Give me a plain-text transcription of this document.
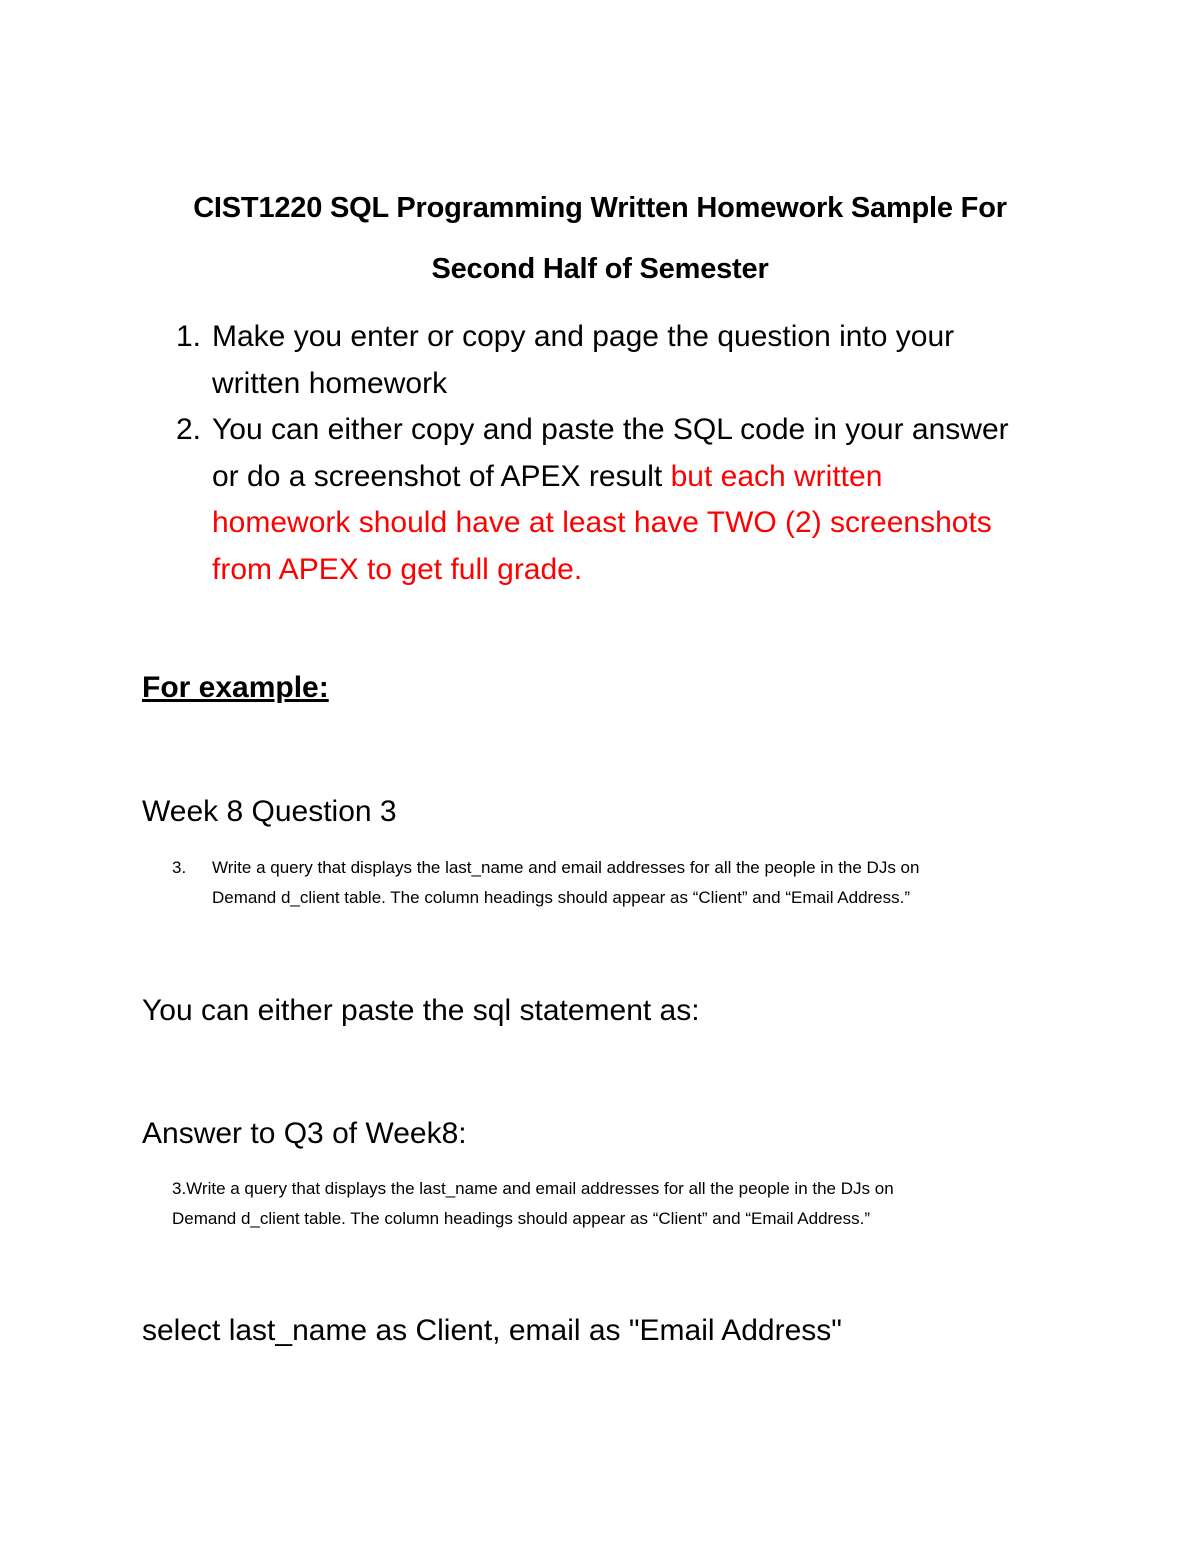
CIST1220 SQL Programming Written Homework Sample For
Second Half of Semester
1. Make you enter or copy and page the question into your
written homework
2. You can either copy and paste the SQL code in your answer
or do a screenshot of APEX result but each written
homework should have at least have TWO (2) screenshots
from APEX to get full grade.

For example:

Week 8 Question 3
3. Write a query that displays the last_name and email addresses for all the people in the DJs on
Demand d_client table. The column headings should appear as “Client” and “Email Address.”

You can either paste the sql statement as:

Answer to Q3 of Week8:
3.Write a query that displays the last_name and email addresses for all the people in the DJs on
Demand d_client table. The column headings should appear as “Client” and “Email Address.”

select last_name as Client, email as "Email Address"
